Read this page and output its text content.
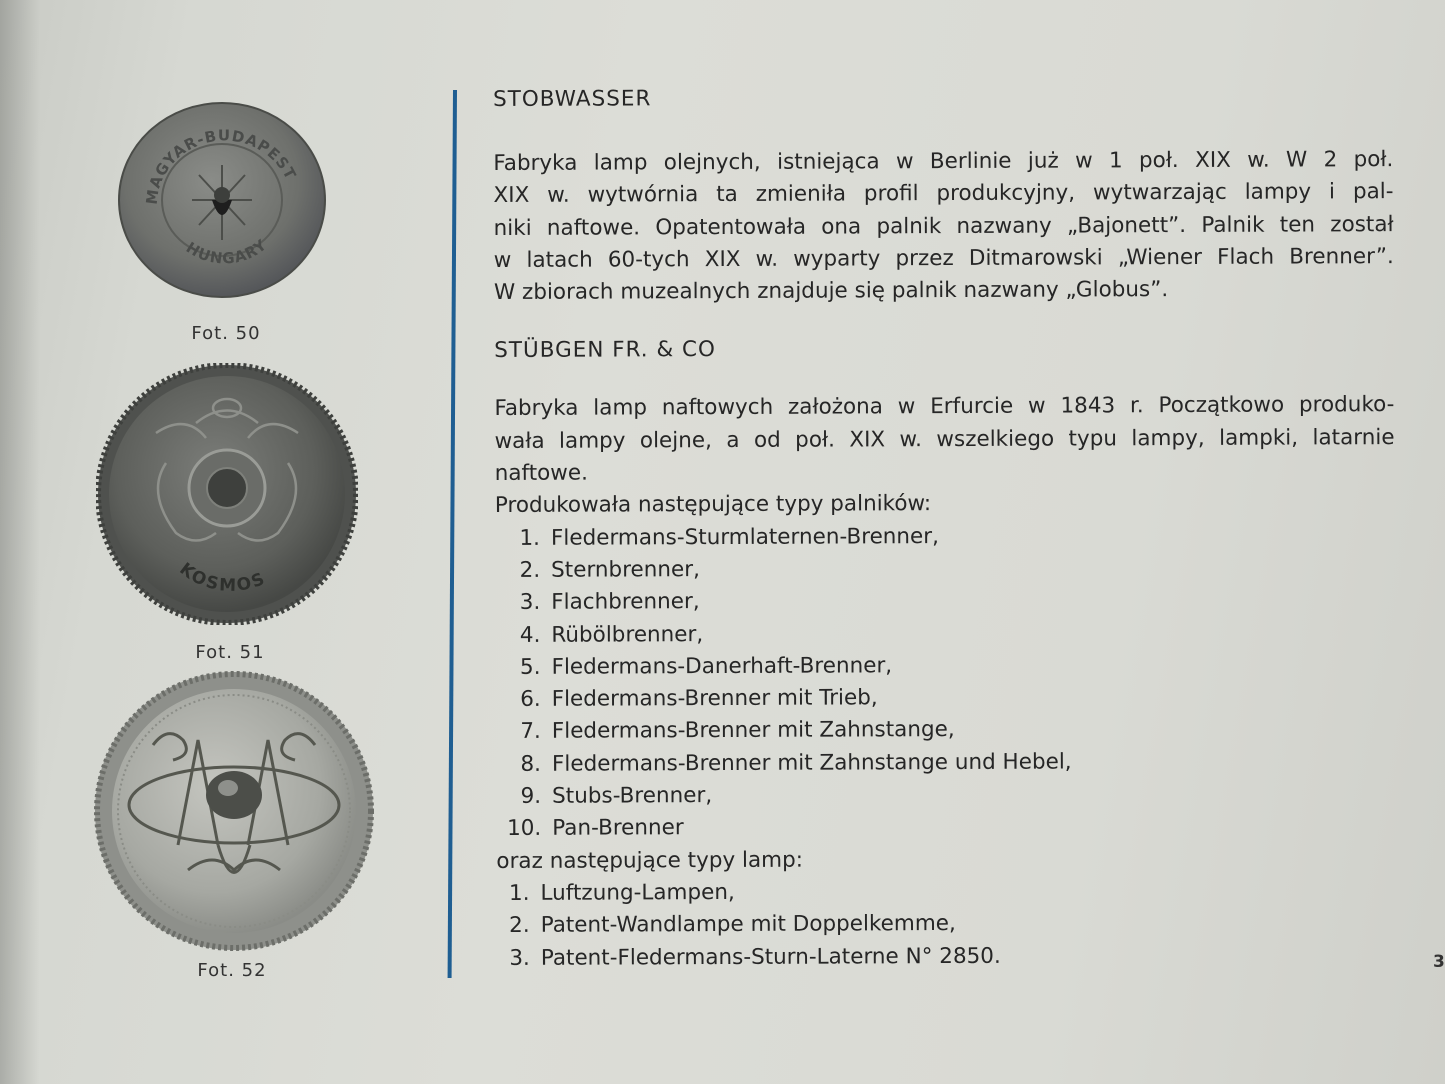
MAGYAR-BUDAPEST
HUNGARY
Fot. 50
KOSMOS
Fot. 51
Fot. 52

STOBWASSER

Fabryka lamp olejnych, istniejąca w Berlinie już w 1 poł. XIX w. W 2 poł.
XIX w. wytwórnia ta zmieniła profil produkcyjny, wytwarzając lampy i pal-
niki naftowe. Opatentowała ona palnik nazwany „Bajonett”. Palnik ten został
w latach 60-tych XIX w. wyparty przez Ditmarowski „Wiener Flach Brenner”.
W zbiorach muzealnych znajduje się palnik nazwany „Globus”.

STÜBGEN FR. & CO

Fabryka lamp naftowych założona w Erfurcie w 1843 r. Początkowo produko-
wała lampy olejne, a od poł. XIX w. wszelkiego typu lampy, lampki, latarnie
naftowe.

Produkowała następujące typy palników:

1. Fledermans-Sturmlaternen-Brenner,
2. Sternbrenner,
3. Flachbrenner,
4. Rübölbrenner,
5. Fledermans-Danerhaft-Brenner,
6. Fledermans-Brenner mit Trieb,
7. Fledermans-Brenner mit Zahnstange,
8. Fledermans-Brenner mit Zahnstange und Hebel,
9. Stubs-Brenner,
10. Pan-Brenner

oraz następujące typy lamp:

1. Luftzung-Lampen,
2. Patent-Wandlampe mit Doppelkemme,
3. Patent-Fledermans-Sturn-Laterne N° 2850.	3
